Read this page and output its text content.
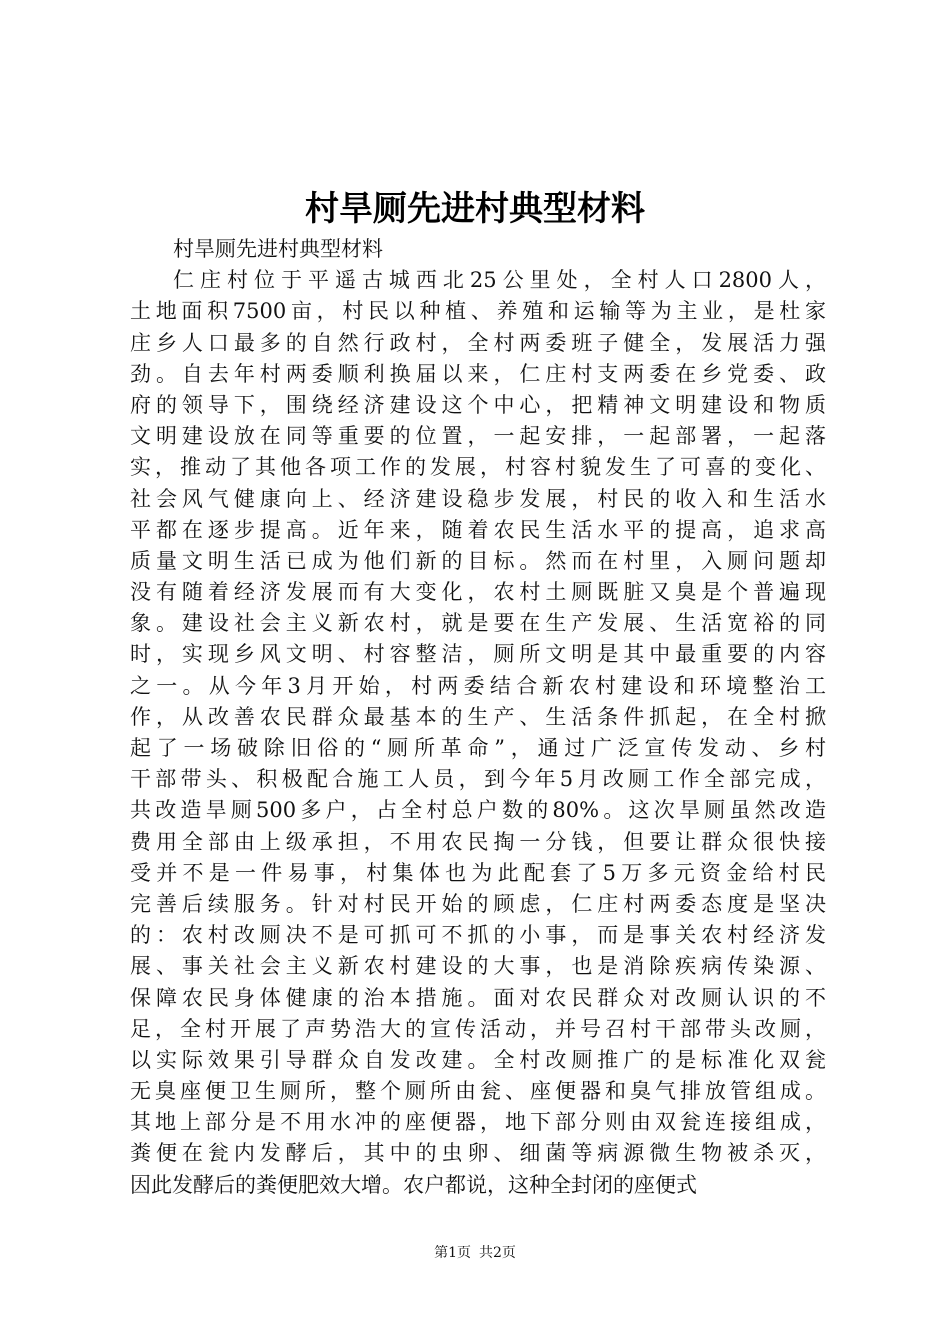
村旱厕先进村典型材料
村旱厕先进村典型材料
仁庄村位于平遥古城西北25公里处，全村人口2800人，
土地面积7500亩，村民以种植、养殖和运输等为主业，是杜家
庄乡人口最多的自然行政村，全村两委班子健全，发展活力强
劲。自去年村两委顺利换届以来，仁庄村支两委在乡党委、政
府的领导下，围绕经济建设这个中心，把精神文明建设和物质
文明建设放在同等重要的位置，一起安排，一起部署，一起落
实，推动了其他各项工作的发展，村容村貌发生了可喜的变化、
社会风气健康向上、经济建设稳步发展，村民的收入和生活水
平都在逐步提高。近年来，随着农民生活水平的提高，追求高
质量文明生活已成为他们新的目标。然而在村里，入厕问题却
没有随着经济发展而有大变化，农村土厕既脏又臭是个普遍现
象。建设社会主义新农村，就是要在生产发展、生活宽裕的同
时，实现乡风文明、村容整洁，厕所文明是其中最重要的内容
之一。从今年3月开始，村两委结合新农村建设和环境整治工
作，从改善农民群众最基本的生产、生活条件抓起，在全村掀
起了一场破除旧俗的“厕所革命”，通过广泛宣传发动、乡村
干部带头、积极配合施工人员，到今年5月改厕工作全部完成，
共改造旱厕500多户，占全村总户数的80%。这次旱厕虽然改造
费用全部由上级承担，不用农民掏一分钱，但要让群众很快接
受并不是一件易事，村集体也为此配套了5万多元资金给村民
完善后续服务。针对村民开始的顾虑，仁庄村两委态度是坚决
的：农村改厕决不是可抓可不抓的小事，而是事关农村经济发
展、事关社会主义新农村建设的大事，也是消除疾病传染源、
保障农民身体健康的治本措施。面对农民群众对改厕认识的不
足，全村开展了声势浩大的宣传活动，并号召村干部带头改厕，
以实际效果引导群众自发改建。全村改厕推广的是标准化双瓮
无臭座便卫生厕所，整个厕所由瓮、座便器和臭气排放管组成。
其地上部分是不用水冲的座便器，地下部分则由双瓮连接组成，
粪便在瓮内发酵后，其中的虫卵、细菌等病源微生物被杀灭，
因此发酵后的粪便肥效大增。农户都说，这种全封闭的座便式
第1页 共2页
